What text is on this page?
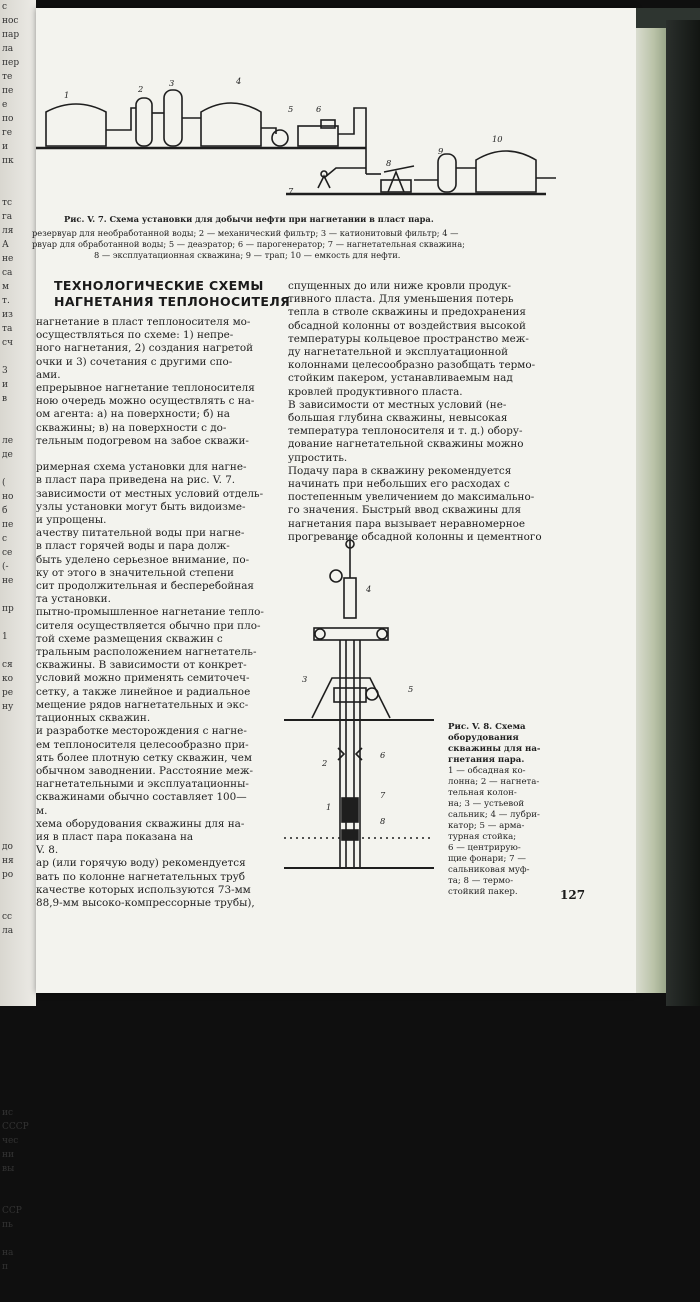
с
нос
пар
ла
пер
те
пе
е
по
ге
и
пк

тс
га
ля
А
не
са
м
т.
из
та
сч

3
и
в

ле
де

(
но
б
пе
с
се
(-
не

пр

1

ся
ко
ре
ну

до
ня
ро

сс
ла

ис
СССР
чес
ни
вы

ССР
пь

на
п

1
2
3	4
5	6
7
8
9
10
Рис. V. 7. Схема установки для добычи нефти при нагнетании в пласт пара.
резервуар для необработанной воды; 2 — механический фильтр; 3 — катионитовый фильтр; 4 —
рвуар для обработанной воды; 5 — деаэратор; 6 — парогенератор; 7 — нагнетательная скважина;
8 — эксплуатационная скважина; 9 — трап; 10 — емкость для нефти.
ТЕХНОЛОГИЧЕСКИЕ СХЕМЫ
НАГНЕТАНИЯ ТЕПЛОНОСИТЕЛЯ
нагнетание в пласт теплоносителя мо-
осуществляться по схеме: 1) непре-
ного нагнетания, 2) создания нагретой
очки и 3) сочетания с другими спо-
ами.
епрерывное нагнетание теплоносителя
ною очередь можно осуществлять с на-
ом агента: а) на поверхности; б) на
скважины; в) на поверхности с до-
тельным подогревом на забое скважи-

римерная схема установки для нагне-
в пласт пара приведена на рис. V. 7.
зависимости от местных условий отдель-
узлы установки могут быть видоизме-
и упрощены.
ачеству питательной воды при нагне-
в пласт горячей воды и пара долж-
быть уделено серьезное внимание, по-
ку от этого в значительной степени
сит продолжительная и бесперебойная
та установки.
пытно-промышленное нагнетание тепло-
сителя осуществляется обычно при пло-
той схеме размещения скважин с
тральным расположением нагнетатель-
скважины. В зависимости от конкрет-
условий можно применять семиточеч-
сетку, а также линейное и радиальное
мещение рядов нагнетательных и экс-
тационных скважин.
и разработке месторождения с нагне-
ем теплоносителя целесообразно при-
ять более плотную сетку скважин, чем
обычном заводнении. Расстояние меж-
нагнетательными и эксплуатационны-
скважинами обычно составляет 100—
м.
хема оборудования скважины для на-
ия в пласт пара показана на
V. 8.
ар (или горячую воду) рекомендуется
вать по колонне нагнетательных труб
качестве которых используются 73-мм
88,9-мм высоко-компрессорные трубы),
спущенных до или ниже кровли продук-
тивного пласта. Для уменьшения потерь
тепла в стволе скважины и предохранения
обсадной колонны от воздействия высокой
температуры кольцевое пространство меж-
ду нагнетательной и эксплуатационной
колоннами целесообразно разобщать термо-
стойким пакером, устанавливаемым над
кровлей продуктивного пласта.
В зависимости от местных условий (не-
большая глубина скважины, невысокая
температура теплоносителя и т. д.) обору-
дование нагнетательной скважины можно
упростить.
Подачу пара в скважину рекомендуется
начинать при небольших его расходах с
постепенным увеличением до максимально-
го значения. Быстрый ввод скважины для
нагнетания пара вызывает неравномерное
прогревание обсадной колонны и цементного
4
3
5
2
6
7
1
8
Рис. V. 8. Схема
оборудования
скважины для на-
гнетания пара.
1 — обсадная ко-
лонна; 2 — нагнета-
тельная колон-
на; 3 — устьевой
сальник; 4 — лубри-
катор; 5 — арма-
турная стойка;
6 — центрирую-
щие фонари; 7 —
сальниковая муф-
та; 8 — термо-
стойкий пакер.	127
